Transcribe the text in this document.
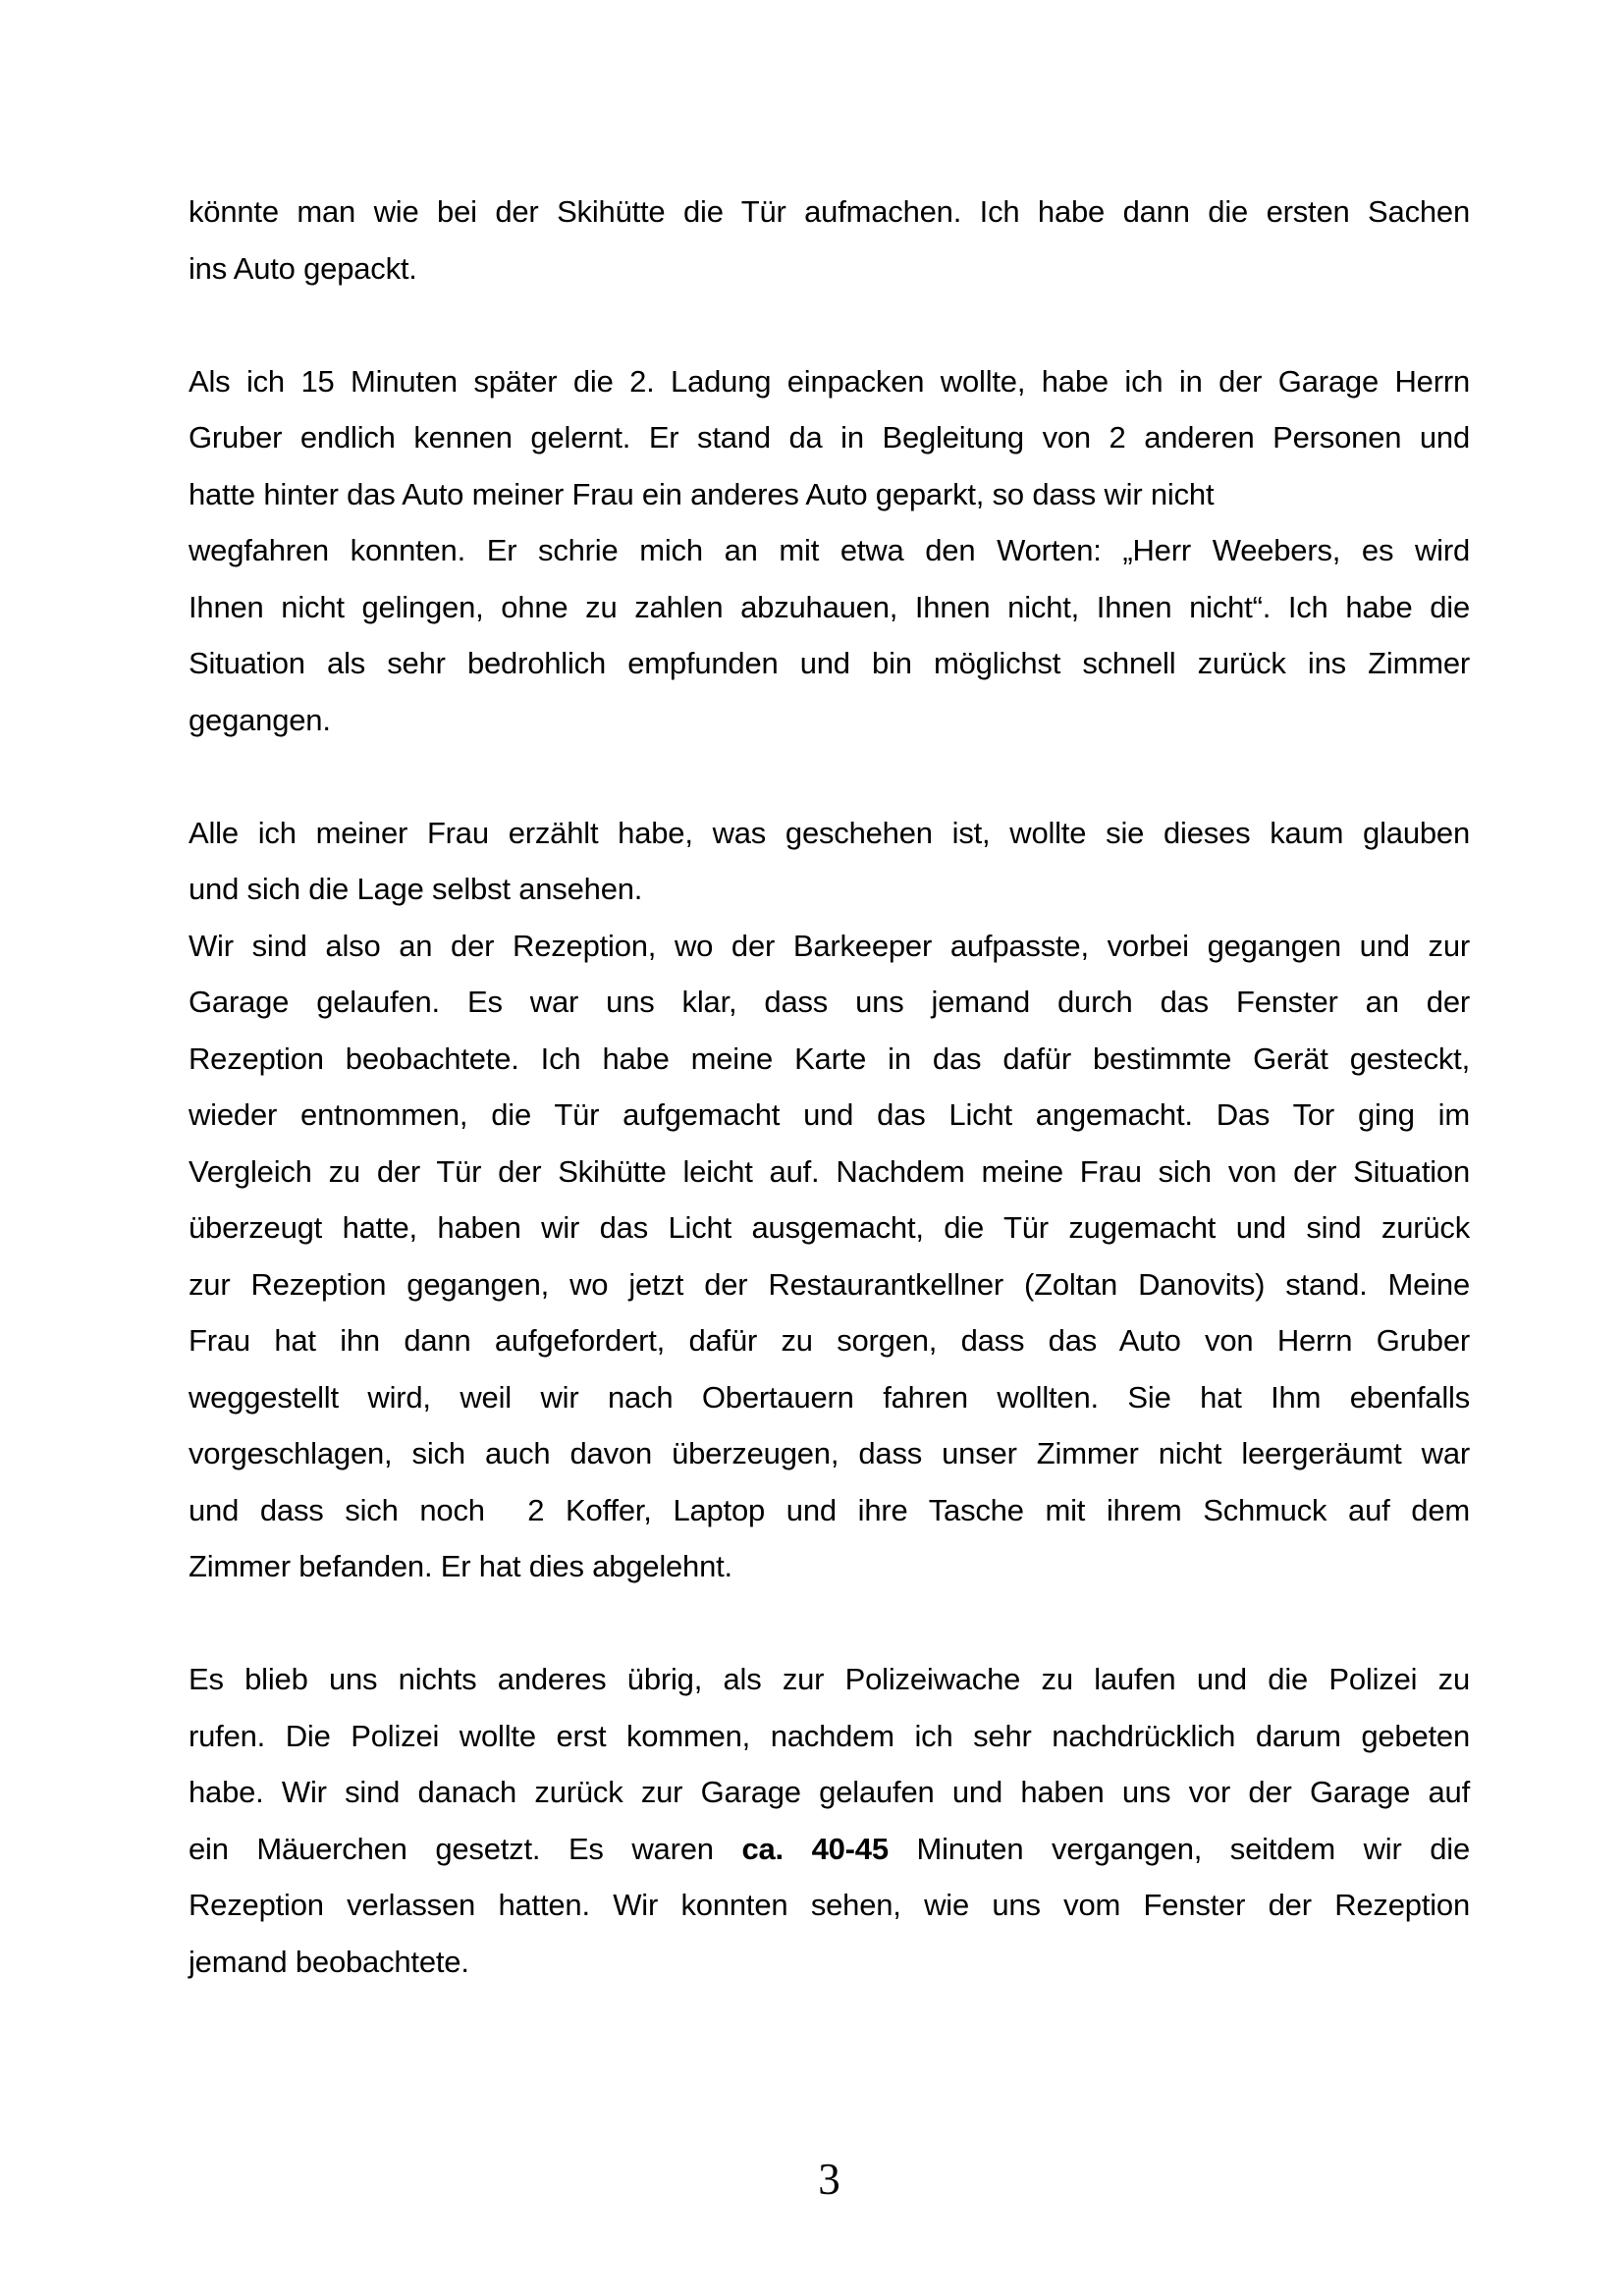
könnte man wie bei der Skihütte die Tür aufmachen. Ich habe dann die ersten Sachen
ins Auto gepackt.
Als ich 15 Minuten später die 2. Ladung einpacken wollte, habe ich in der Garage Herrn
Gruber endlich kennen gelernt. Er stand da in Begleitung von 2 anderen Personen und
hatte hinter das Auto meiner Frau ein anderes Auto geparkt, so dass wir nicht
wegfahren konnten. Er schrie mich an mit etwa den Worten: „Herr Weebers, es wird
Ihnen nicht gelingen, ohne zu zahlen abzuhauen, Ihnen nicht, Ihnen nicht“. Ich habe die
Situation als sehr bedrohlich empfunden und bin möglichst schnell zurück ins Zimmer
gegangen.
Alle ich meiner Frau erzählt habe, was geschehen ist, wollte sie dieses kaum glauben
und sich die Lage selbst ansehen.
Wir sind also an der Rezeption, wo der Barkeeper aufpasste, vorbei gegangen und zur
Garage gelaufen. Es war uns klar, dass uns jemand durch das Fenster an der
Rezeption beobachtete. Ich habe meine Karte in das dafür bestimmte Gerät gesteckt,
wieder entnommen, die Tür aufgemacht und das Licht angemacht. Das Tor ging im
Vergleich zu der Tür der Skihütte leicht auf. Nachdem meine Frau sich von der Situation
überzeugt hatte, haben wir das Licht ausgemacht, die Tür zugemacht und sind zurück
zur Rezeption gegangen, wo jetzt der Restaurantkellner (Zoltan Danovits) stand. Meine
Frau hat ihn dann aufgefordert, dafür zu sorgen, dass das Auto von Herrn Gruber
weggestellt wird, weil wir nach Obertauern fahren wollten. Sie hat Ihm ebenfalls
vorgeschlagen, sich auch davon überzeugen, dass unser Zimmer nicht leergeräumt war
und dass sich noch  2 Koffer, Laptop und ihre Tasche mit ihrem Schmuck auf dem
Zimmer befanden. Er hat dies abgelehnt.
Es blieb uns nichts anderes übrig, als zur Polizeiwache zu laufen und die Polizei zu
rufen. Die Polizei wollte erst kommen, nachdem ich sehr nachdrücklich darum gebeten
habe. Wir sind danach zurück zur Garage gelaufen und haben uns vor der Garage auf
ein Mäuerchen gesetzt. Es waren ca. 40-45 Minuten vergangen, seitdem wir die
Rezeption verlassen hatten. Wir konnten sehen, wie uns vom Fenster der Rezeption
jemand beobachtete.
3
